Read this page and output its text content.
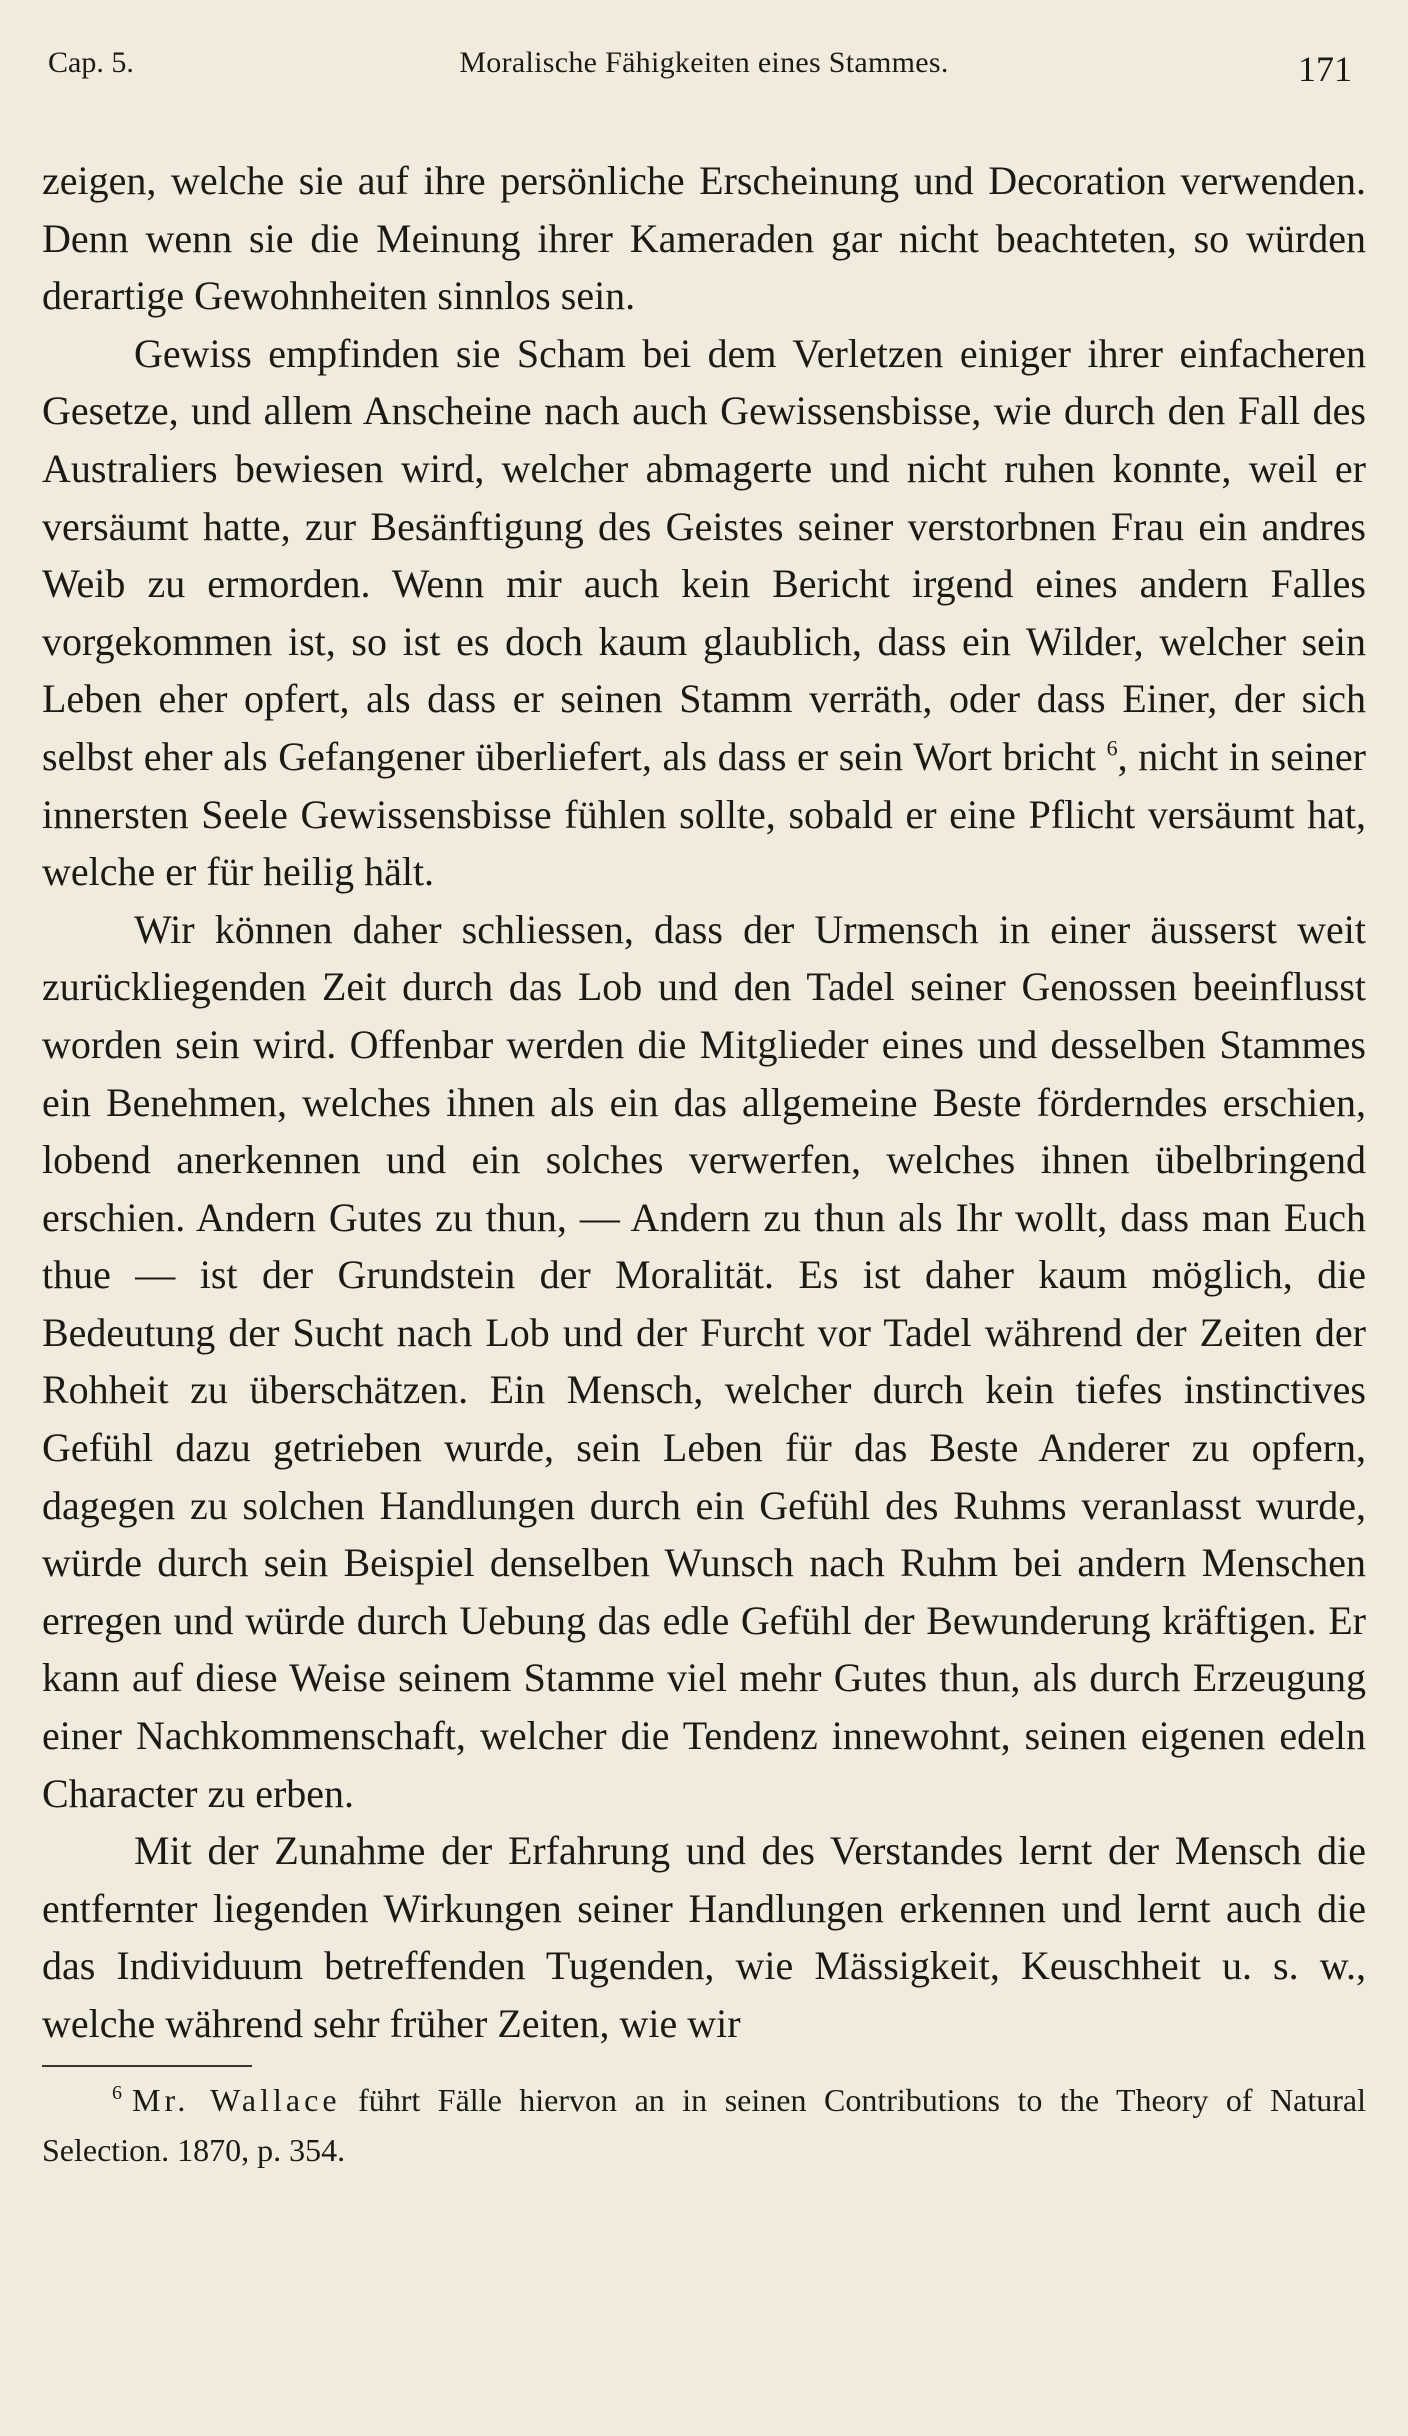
Cap. 5.	Moralische Fähigkeiten eines Stammes.	171

zeigen, welche sie auf ihre persönliche Erscheinung und Decoration verwenden. Denn wenn sie die Meinung ihrer Kameraden gar nicht beachteten, so würden derartige Gewohnheiten sinnlos sein.

Gewiss empfinden sie Scham bei dem Verletzen einiger ihrer einfacheren Gesetze, und allem Anscheine nach auch Gewissensbisse, wie durch den Fall des Australiers bewiesen wird, welcher abmagerte und nicht ruhen konnte, weil er versäumt hatte, zur Besänftigung des Geistes seiner verstorbnen Frau ein andres Weib zu ermorden. Wenn mir auch kein Bericht irgend eines andern Falles vorgekommen ist, so ist es doch kaum glaublich, dass ein Wilder, welcher sein Leben eher opfert, als dass er seinen Stamm verräth, oder dass Einer, der sich selbst eher als Gefangener überliefert, als dass er sein Wort bricht $^6$, nicht in seiner innersten Seele Gewissensbisse fühlen sollte, sobald er eine Pflicht versäumt hat, welche er für heilig hält.

Wir können daher schliessen, dass der Urmensch in einer äusserst weit zurückliegenden Zeit durch das Lob und den Tadel seiner Genossen beeinflusst worden sein wird. Offenbar werden die Mitglieder eines und desselben Stammes ein Benehmen, welches ihnen als ein das allgemeine Beste förderndes erschien, lobend anerkennen und ein solches verwerfen, welches ihnen übelbringend erschien. Andern Gutes zu thun, — Andern zu thun als Ihr wollt, dass man Euch thue — ist der Grundstein der Moralität. Es ist daher kaum möglich, die Bedeutung der Sucht nach Lob und der Furcht vor Tadel während der Zeiten der Rohheit zu überschätzen. Ein Mensch, welcher durch kein tiefes instinctives Gefühl dazu getrieben wurde, sein Leben für das Beste Anderer zu opfern, dagegen zu solchen Handlungen durch ein Gefühl des Ruhms veranlasst wurde, würde durch sein Beispiel denselben Wunsch nach Ruhm bei andern Menschen erregen und würde durch Uebung das edle Gefühl der Bewunderung kräftigen. Er kann auf diese Weise seinem Stamme viel mehr Gutes thun, als durch Erzeugung einer Nachkommenschaft, welcher die Tendenz innewohnt, seinen eigenen edeln Character zu erben.

Mit der Zunahme der Erfahrung und des Verstandes lernt der Mensch die entfernter liegenden Wirkungen seiner Handlungen erkennen und lernt auch die das Individuum betreffenden Tugenden, wie Mässigkeit, Keuschheit u. s. w., welche während sehr früher Zeiten, wie wir

$^6$ Mr. Wallace führt Fälle hiervon an in seinen Contributions to the Theory of Natural Selection. 1870, p. 354.
